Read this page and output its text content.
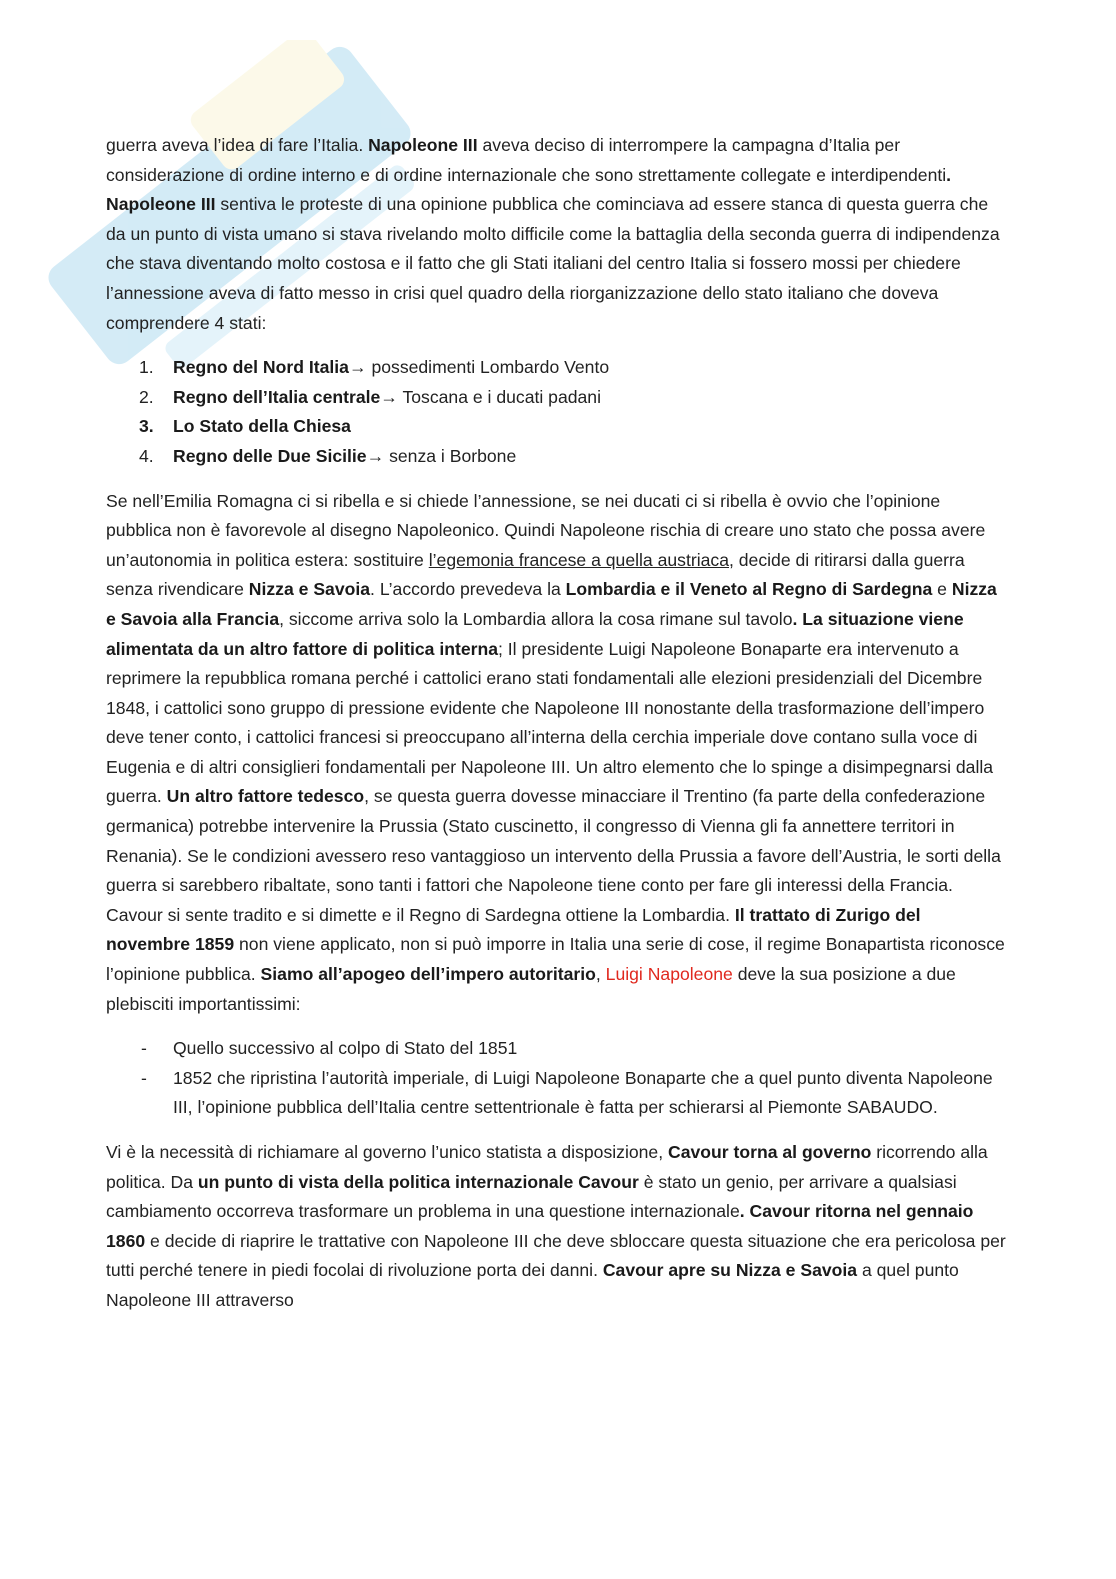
guerra aveva l’idea di fare l’Italia. Napoleone III aveva deciso di interrompere la campagna d’Italia per considerazione di ordine interno e di ordine internazionale che sono strettamente collegate e interdipendenti. Napoleone III sentiva le proteste di una opinione pubblica che cominciava ad essere stanca di questa guerra che da un punto di vista umano si stava rivelando molto difficile come la battaglia della seconda guerra di indipendenza che stava diventando molto costosa e il fatto che gli Stati italiani del centro Italia si fossero mossi per chiedere l’annessione aveva di fatto messo in crisi quel quadro della riorganizzazione dello stato italiano che doveva comprendere 4 stati:

1. Regno del Nord Italia→ possedimenti Lombardo Vento
2. Regno dell’Italia centrale→ Toscana e i ducati padani
3. Lo Stato della Chiesa
4. Regno delle Due Sicilie→ senza i Borbone

Se nell’Emilia Romagna ci si ribella e si chiede l’annessione, se nei ducati ci si ribella è ovvio che l’opinione pubblica non è favorevole al disegno Napoleonico. Quindi Napoleone rischia di creare uno stato che possa avere un’autonomia in politica estera: sostituire l’egemonia francese a quella austriaca, decide di ritirarsi dalla guerra senza rivendicare Nizza e Savoia. L’accordo prevedeva la Lombardia e il Veneto al Regno di Sardegna e Nizza e Savoia alla Francia, siccome arriva solo la Lombardia allora la cosa rimane sul tavolo. La situazione viene alimentata da un altro fattore di politica interna; Il presidente Luigi Napoleone Bonaparte era intervenuto a reprimere la repubblica romana perché i cattolici erano stati fondamentali alle elezioni presidenziali del Dicembre 1848, i cattolici sono gruppo di pressione evidente che Napoleone III nonostante della trasformazione dell’impero deve tener conto, i cattolici francesi si preoccupano all’interna della cerchia imperiale dove contano sulla voce di Eugenia e di altri consiglieri fondamentali per Napoleone III. Un altro elemento che lo spinge a disimpegnarsi dalla guerra. Un altro fattore tedesco, se questa guerra dovesse minacciare il Trentino (fa parte della confederazione germanica) potrebbe intervenire la Prussia (Stato cuscinetto, il congresso di Vienna gli fa annettere territori in Renania). Se le condizioni avessero reso vantaggioso un intervento della Prussia a favore dell’Austria, le sorti della guerra si sarebbero ribaltate, sono tanti i fattori che Napoleone tiene conto per fare gli interessi della Francia. Cavour si sente tradito e si dimette e il Regno di Sardegna ottiene la Lombardia. Il trattato di Zurigo del novembre 1859 non viene applicato, non si può imporre in Italia una serie di cose, il regime Bonapartista riconosce l’opinione pubblica. Siamo all’apogeo dell’impero autoritario, Luigi Napoleone deve la sua posizione a due plebisciti importantissimi:

- Quello successivo al colpo di Stato del 1851
- 1852 che ripristina l’autorità imperiale, di Luigi Napoleone Bonaparte che a quel punto diventa Napoleone III, l’opinione pubblica dell’Italia centre settentrionale è fatta per schierarsi al Piemonte SABAUDO.

Vi è la necessità di richiamare al governo l’unico statista a disposizione, Cavour torna al governo ricorrendo alla politica. Da un punto di vista della politica internazionale Cavour è stato un genio, per arrivare a qualsiasi cambiamento occorreva trasformare un problema in una questione internazionale. Cavour ritorna nel gennaio 1860 e decide di riaprire le trattative con Napoleone III che deve sbloccare questa situazione che era pericolosa per tutti perché tenere in piedi focolai di rivoluzione porta dei danni. Cavour apre su Nizza e Savoia a quel punto Napoleone III attraverso
